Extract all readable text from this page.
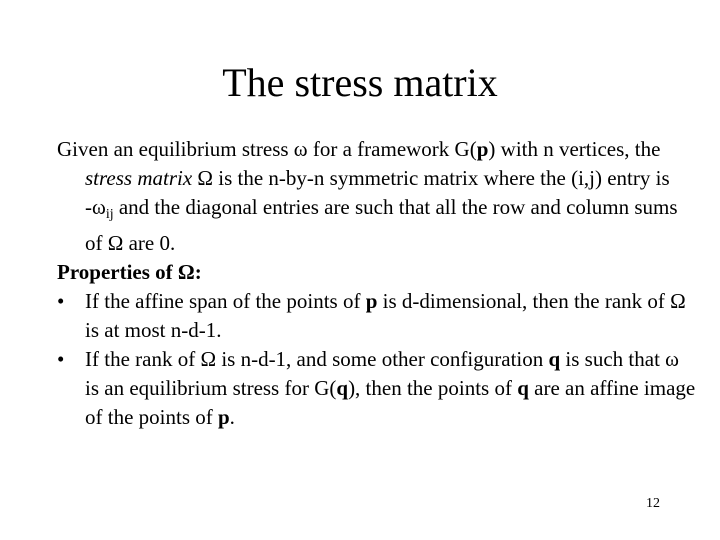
The stress matrix

Given an equilibrium stress ω for a framework G(p) with n vertices, the stress matrix Ω is the n-by-n symmetric matrix where the (i,j) entry is $-\omega_{ij}$ and the diagonal entries are such that all the row and column sums of Ω are 0.

Properties of Ω:

• If the affine span of the points of p is d-dimensional, then the rank of Ω is at most n-d-1.

• If the rank of Ω is n-d-1, and some other configuration q is such that ω is an equilibrium stress for G(q), then the points of q are an affine image of the points of p.

12
